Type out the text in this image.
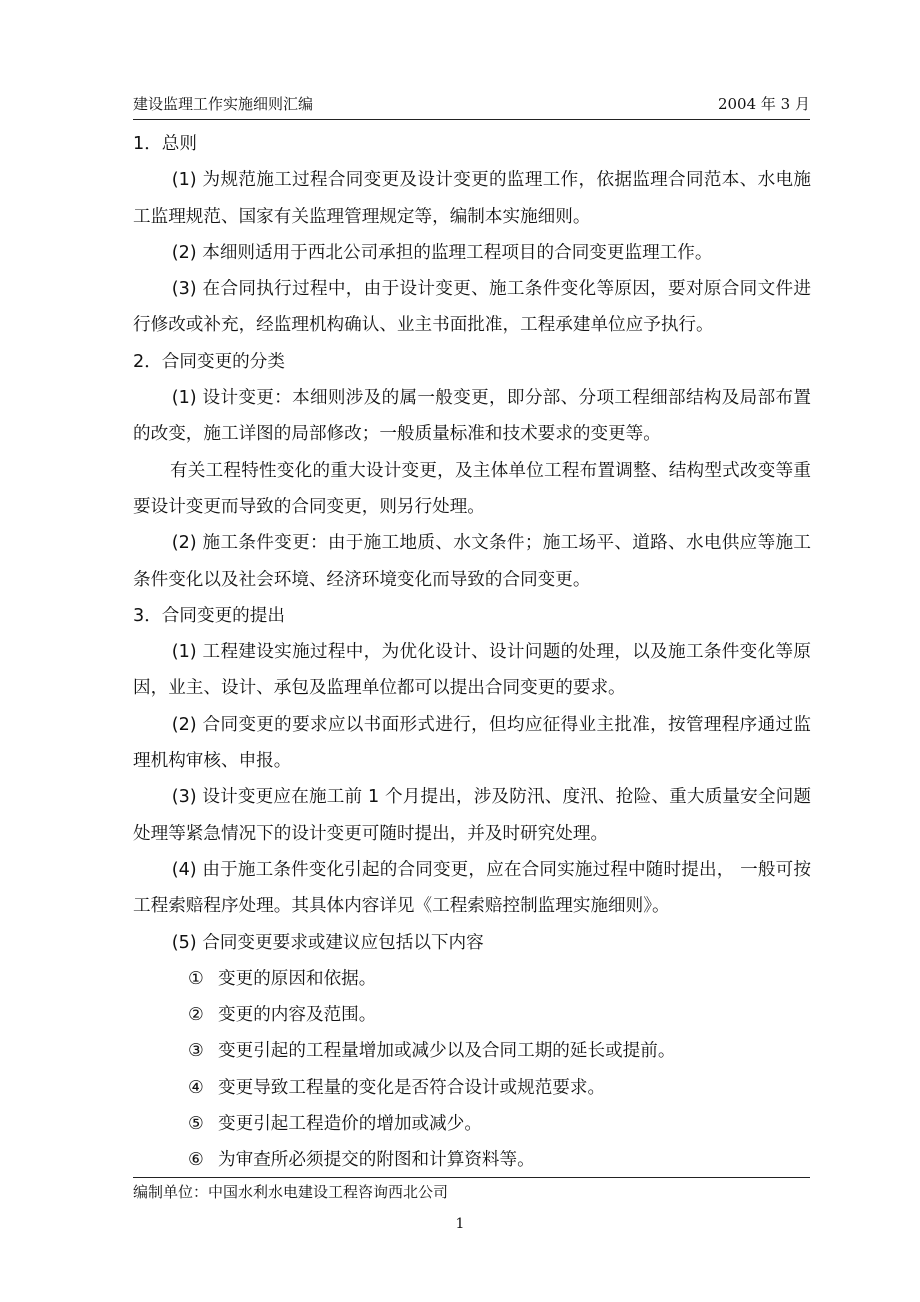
建设监理工作实施细则汇编	2004 年 3 月

1．总则

(1) 为规范施工过程合同变更及设计变更的监理工作，依据监理合同范本、水电施工监理规范、国家有关监理管理规定等，编制本实施细则。

(2) 本细则适用于西北公司承担的监理工程项目的合同变更监理工作。

(3) 在合同执行过程中，由于设计变更、施工条件变化等原因，要对原合同文件进行修改或补充，经监理机构确认、业主书面批准，工程承建单位应予执行。

2．合同变更的分类

(1) 设计变更：本细则涉及的属一般变更，即分部、分项工程细部结构及局部布置的改变，施工详图的局部修改；一般质量标准和技术要求的变更等。

有关工程特性变化的重大设计变更，及主体单位工程布置调整、结构型式改变等重要设计变更而导致的合同变更，则另行处理。

(2) 施工条件变更：由于施工地质、水文条件；施工场平、道路、水电供应等施工条件变化以及社会环境、经济环境变化而导致的合同变更。

3．合同变更的提出

(1) 工程建设实施过程中，为优化设计、设计问题的处理，以及施工条件变化等原因，业主、设计、承包及监理单位都可以提出合同变更的要求。

(2) 合同变更的要求应以书面形式进行，但均应征得业主批准，按管理程序通过监理机构审核、申报。

(3) 设计变更应在施工前 1 个月提出，涉及防汛、度汛、抢险、重大质量安全问题处理等紧急情况下的设计变更可随时提出，并及时研究处理。

(4) 由于施工条件变化引起的合同变更，应在合同实施过程中随时提出， 一般可按工程索赔程序处理。其具体内容详见《工程索赔控制监理实施细则》。

(5) 合同变更要求或建议应包括以下内容

① 变更的原因和依据。

② 变更的内容及范围。

③ 变更引起的工程量增加或减少以及合同工期的延长或提前。

④ 变更导致工程量的变化是否符合设计或规范要求。

⑤ 变更引起工程造价的增加或减少。

⑥ 为审查所必须提交的附图和计算资料等。

编制单位：中国水利水电建设工程咨询西北公司
1
